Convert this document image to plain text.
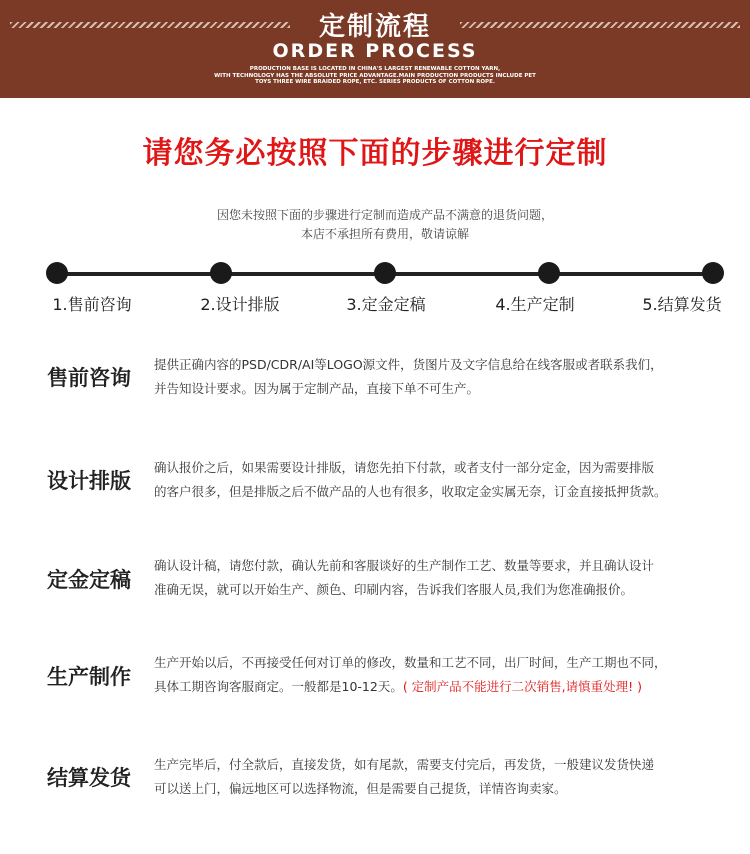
定制流程
ORDER PROCESS
PRODUCTION BASE IS LOCATED IN CHINA'S LARGEST RENEWABLE COTTON YARN,
WITH TECHNOLOGY HAS THE ABSOLUTE PRICE ADVANTAGE.MAIN PRODUCTION PRODUCTS INCLUDE PET
TOYS THREE WIRE BRAIDED ROPE, ETC. SERIES PRODUCTS OF COTTON ROPE.
请您务必按照下面的步骤进行定制
因您未按照下面的步骤进行定制而造成产品不满意的退货问题，
本店不承担所有费用，敬请谅解
1.售前咨询	2.设计排版	3.定金定稿	4.生产定制	5.结算发货
售前咨询
提供正确内容的PSD/CDR/AI等LOGO源文件，货图片及文字信息给在线客服或者联系我们，
并告知设计要求。因为属于定制产品，直接下单不可生产。
设计排版
确认报价之后，如果需要设计排版，请您先拍下付款，或者支付一部分定金，因为需要排版
的客户很多，但是排版之后不做产品的人也有很多，收取定金实属无奈，订金直接抵押货款。
定金定稿
确认设计稿，请您付款，确认先前和客服谈好的生产制作工艺、数量等要求，并且确认设计
准确无误，就可以开始生产、颜色、印刷内容，告诉我们客服人员,我们为您准确报价。
生产制作
生产开始以后，不再接受任何对订单的修改，数量和工艺不同，出厂时间，生产工期也不同，
具体工期咨询客服商定。一般都是10-12天。( 定制产品不能进行二次销售,请慎重处理! )
结算发货
生产完毕后，付全款后，直接发货，如有尾款，需要支付完后，再发货，一般建议发货快递
可以送上门，偏远地区可以选择物流，但是需要自己提货，详情咨询卖家。
